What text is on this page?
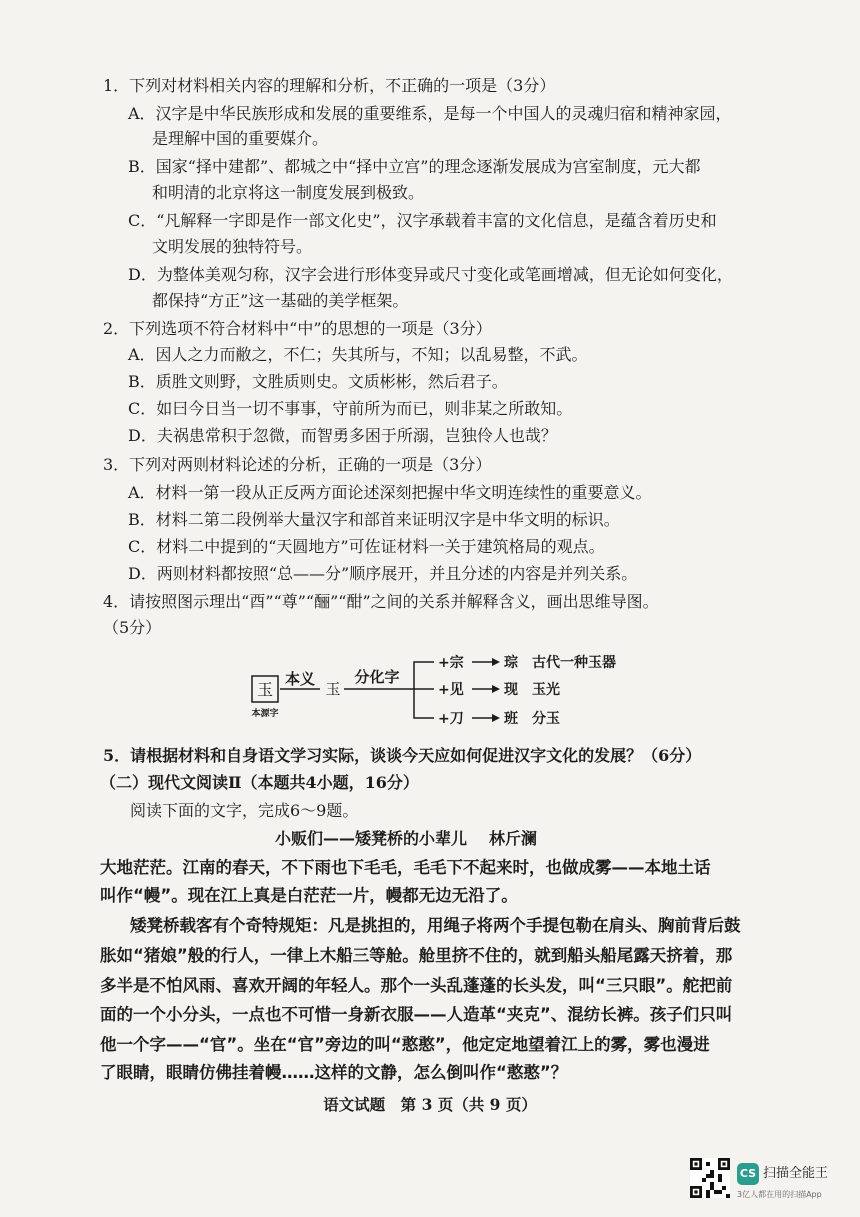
1．下列对材料相关内容的理解和分析，不正确的一项是（3分）
A．汉字是中华民族形成和发展的重要维系，是每一个中国人的灵魂归宿和精神家园，
是理解中国的重要媒介。
B．国家“择中建都”、都城之中“择中立宫”的理念逐渐发展成为宫室制度，元大都
和明清的北京将这一制度发展到极致。
C．“凡解释一字即是作一部文化史”，汉字承载着丰富的文化信息，是蕴含着历史和
文明发展的独特符号。
D．为整体美观匀称，汉字会进行形体变异或尺寸变化或笔画增减，但无论如何变化，
都保持“方正”这一基础的美学框架。
2．下列选项不符合材料中“中”的思想的一项是（3分）
A．因人之力而敝之，不仁；失其所与，不知；以乱易整，不武。
B．质胜文则野，文胜质则史。文质彬彬，然后君子。
C．如曰今日当一切不事事，守前所为而已，则非某之所敢知。
D．夫祸患常积于忽微，而智勇多困于所溺，岂独伶人也哉？
3．下列对两则材料论述的分析，正确的一项是（3分）
A．材料一第一段从正反两方面论述深刻把握中华文明连续性的重要意义。
B．材料二第二段例举大量汉字和部首来证明汉字是中华文明的标识。
C．材料二中提到的“天圆地方”可佐证材料一关于建筑格局的观点。
D．两则材料都按照“总——分”顺序展开，并且分述的内容是并列关系。
4．请按照图示理出“酉”“尊”“酾”“酣”之间的关系并解释含义，画出思维导图。
（5分）
玉
本源字
本义
玉
分化字
+宗	琮 古代一种玉器
+见	现 玉光
+刀	班 分玉
5．请根据材料和自身语文学习实际，谈谈今天应如何促进汉字文化的发展？（6分）
（二）现代文阅读Ⅱ（本题共4小题，16分）
阅读下面的文字，完成6～9题。
小贩们——矮凳桥的小辈儿 林斤澜
大地茫茫。江南的春天，不下雨也下毛毛，毛毛下不起来时，也做成雾——本地土话
叫作“幔”。现在江上真是白茫茫一片，幔都无边无沿了。
矮凳桥载客有个奇特规矩：凡是挑担的，用绳子将两个手提包勒在肩头、胸前背后鼓
胀如“猪娘”般的行人，一律上木船三等舱。舱里挤不住的，就到船头船尾露天挤着，那
多半是不怕风雨、喜欢开阔的年轻人。那个一头乱蓬蓬的长头发，叫“三只眼”。舵把前
面的一个小分头，一点也不可惜一身新衣服——人造革“夹克”、混纺长裤。孩子们只叫
他一个字——“官”。坐在“官”旁边的叫“憨憨”，他定定地望着江上的雾，雾也漫进
了眼睛，眼睛仿佛挂着幔……这样的文静，怎么倒叫作“憨憨”？
语文试题　第 3 页（共 9 页）
CS 扫描全能王
3亿人都在用的扫描App
